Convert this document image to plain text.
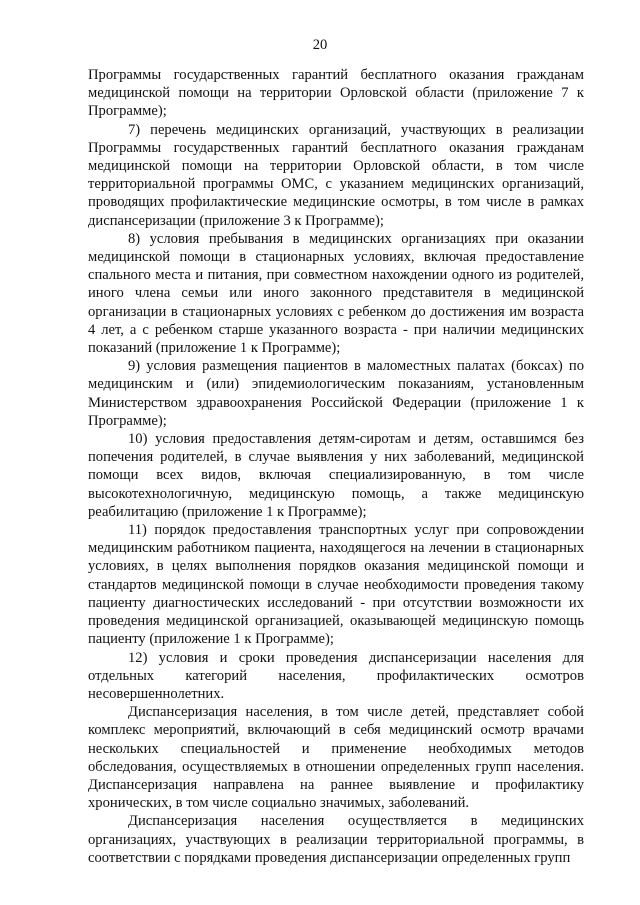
20

Программы государственных гарантий бесплатного оказания гражданам медицинской помощи на территории Орловской области (приложение 7 к Программе);

7) перечень медицинских организаций, участвующих в реализации Программы государственных гарантий бесплатного оказания гражданам медицинской помощи на территории Орловской области, в том числе территориальной программы ОМС, с указанием медицинских организаций, проводящих профилактические медицинские осмотры, в том числе в рамках диспансеризации (приложение 3 к Программе);

8) условия пребывания в медицинских организациях при оказании медицинской помощи в стационарных условиях, включая предоставление спального места и питания, при совместном нахождении одного из родителей, иного члена семьи или иного законного представителя в медицинской организации в стационарных условиях с ребенком до достижения им возраста 4 лет, а с ребенком старше указанного возраста - при наличии медицинских показаний (приложение 1 к Программе);

9) условия размещения пациентов в маломестных палатах (боксах) по медицинским и (или) эпидемиологическим показаниям, установленным Министерством здравоохранения Российской Федерации (приложение 1 к Программе);

10) условия предоставления детям-сиротам и детям, оставшимся без попечения родителей, в случае выявления у них заболеваний, медицинской помощи всех видов, включая специализированную, в том числе высокотехнологичную, медицинскую помощь, а также медицинскую реабилитацию (приложение 1 к Программе);

11) порядок предоставления транспортных услуг при сопровождении медицинским работником пациента, находящегося на лечении в стационарных условиях, в целях выполнения порядков оказания медицинской помощи и стандартов медицинской помощи в случае необходимости проведения такому пациенту диагностических исследований - при отсутствии возможности их проведения медицинской организацией, оказывающей медицинскую помощь пациенту (приложение 1 к Программе);

12) условия и сроки проведения диспансеризации населения для отдельных категорий населения, профилактических осмотров несовершеннолетних.

Диспансеризация населения, в том числе детей, представляет собой комплекс мероприятий, включающий в себя медицинский осмотр врачами нескольких специальностей и применение необходимых методов обследования, осуществляемых в отношении определенных групп населения. Диспансеризация направлена на раннее выявление и профилактику хронических, в том числе социально значимых, заболеваний.

Диспансеризация населения осуществляется в медицинских организациях, участвующих в реализации территориальной программы, в соответствии с порядками проведения диспансеризации определенных групп
